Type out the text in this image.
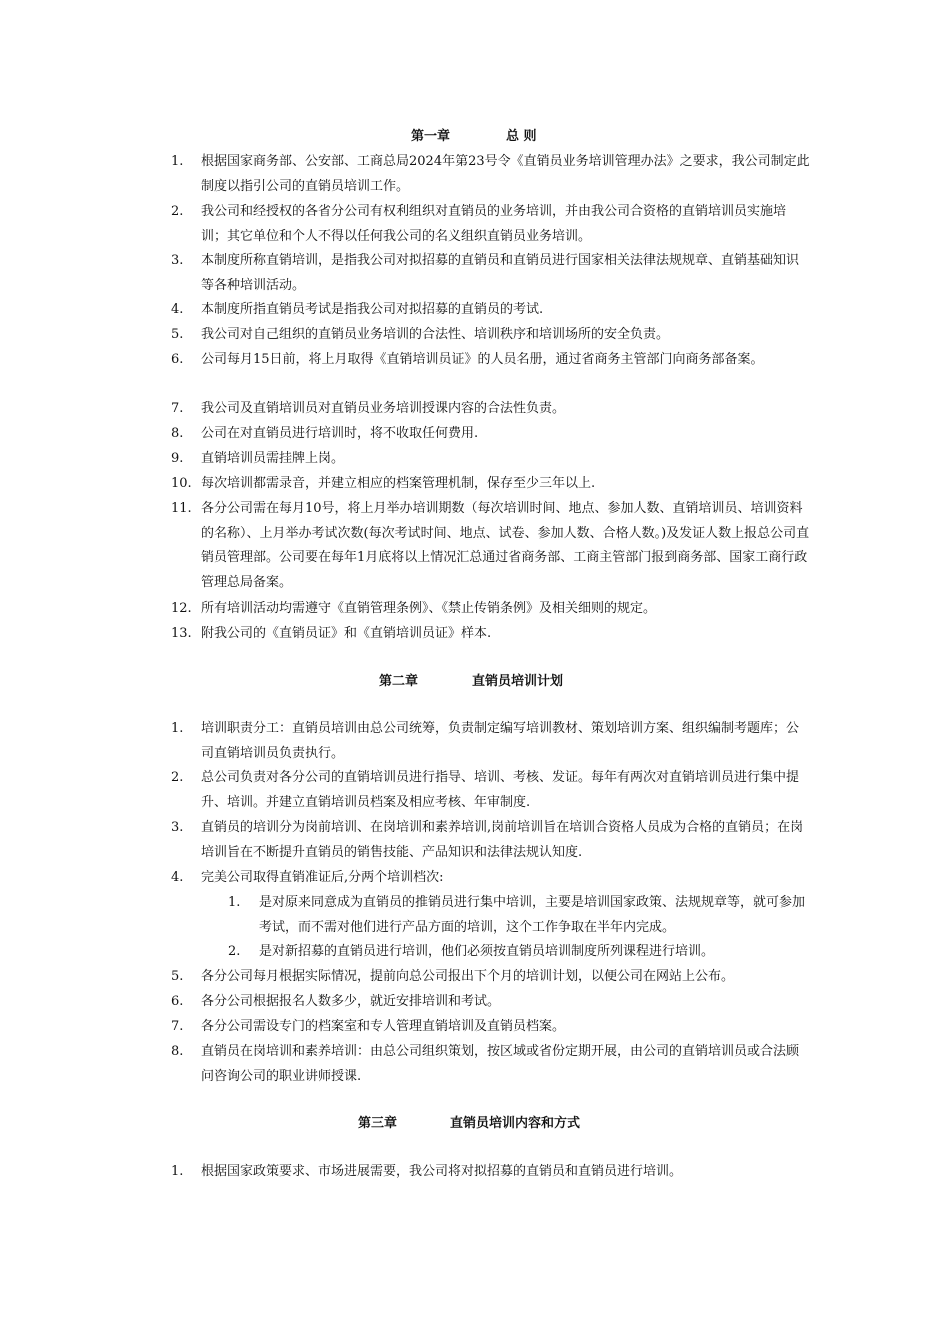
第一章	总 则
1.	根据国家商务部、公安部、工商总局2024年第23号令《直销员业务培训管理办法》之要求，我公司制定此制度以指引公司的直销员培训工作。
2.	我公司和经授权的各省分公司有权利组织对直销员的业务培训，并由我公司合资格的直销培训员实施培训；其它单位和个人不得以任何我公司的名义组织直销员业务培训。
3.	本制度所称直销培训，是指我公司对拟招募的直销员和直销员进行国家相关法律法规规章、直销基础知识等各种培训活动。
4.	本制度所指直销员考试是指我公司对拟招募的直销员的考试.
5.	我公司对自己组织的直销员业务培训的合法性、培训秩序和培训场所的安全负责。
6.	公司每月15日前，将上月取得《直销培训员证》的人员名册，通过省商务主管部门向商务部备案。
7.	我公司及直销培训员对直销员业务培训授课内容的合法性负责。
8.	公司在对直销员进行培训时，将不收取任何费用.
9.	直销培训员需挂牌上岗。
10. 每次培训都需录音，并建立相应的档案管理机制，保存至少三年以上.
11. 各分公司需在每月10号，将上月举办培训期数（每次培训时间、地点、参加人数、直销培训员、培训资料的名称）、上月举办考试次数(每次考试时间、地点、试卷、参加人数、合格人数。)及发证人数上报总公司直销员管理部。公司要在每年1月底将以上情况汇总通过省商务部、工商主管部门报到商务部、国家工商行政管理总局备案。
12. 所有培训活动均需遵守《直销管理条例》、《禁止传销条例》及相关细则的规定。
13. 附我公司的《直销员证》和《直销培训员证》样本.
第二章	直销员培训计划
1.	培训职责分工：直销员培训由总公司统筹，负责制定编写培训教材、策划培训方案、组织编制考题库；公司直销培训员负责执行。
2.	总公司负责对各分公司的直销培训员进行指导、培训、考核、发证。每年有两次对直销培训员进行集中提升、培训。并建立直销培训员档案及相应考核、年审制度.
3.	直销员的培训分为岗前培训、在岗培训和素养培训,岗前培训旨在培训合资格人员成为合格的直销员；在岗培训旨在不断提升直销员的销售技能、产品知识和法律法规认知度.
4.	完美公司取得直销准证后,分两个培训档次:
1.	是对原来同意成为直销员的推销员进行集中培训，主要是培训国家政策、法规规章等，就可参加考试，而不需对他们进行产品方面的培训，这个工作争取在半年内完成。
2.	是对新招募的直销员进行培训，他们必须按直销员培训制度所列课程进行培训。
5.	各分公司每月根据实际情况，提前向总公司报出下个月的培训计划，以便公司在网站上公布。
6.	各分公司根据报名人数多少，就近安排培训和考试。
7.	各分公司需设专门的档案室和专人管理直销培训及直销员档案。
8.	直销员在岗培训和素养培训：由总公司组织策划，按区域或省份定期开展，由公司的直销培训员或合法顾问咨询公司的职业讲师授课.
第三章	直销员培训内容和方式
1.	根据国家政策要求、市场进展需要，我公司将对拟招募的直销员和直销员进行培训。
